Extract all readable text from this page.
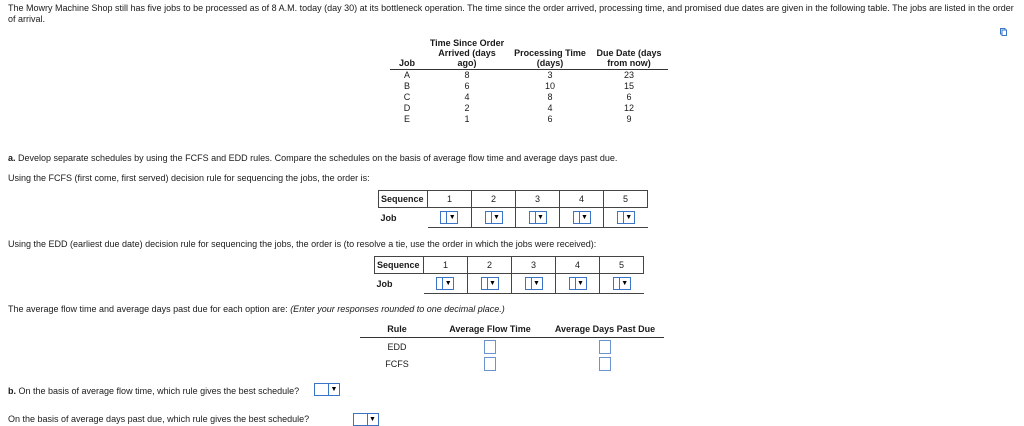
The Mowry Machine Shop still has five jobs to be processed as of 8 A.M. today (day 30) at its bottleneck operation. The time since the order arrived, processing time, and promised due dates are given in the following table. The jobs are listed in the order of arrival.

Job	Time Since Order Arrived (days ago)	Processing Time (days)	Due Date (days from now)
A	8	3	23
B	6	10	15
C	4	8	6
D	2	4	12
E	1	6	9

a. Develop separate schedules by using the FCFS and EDD rules. Compare the schedules on the basis of average flow time and average days past due.

Using the FCFS (first come, first served) decision rule for sequencing the jobs, the order is:

Sequence	1	2	3	4	5
Job	▼	▼	▼	▼	▼

Using the EDD (earliest due date) decision rule for sequencing the jobs, the order is (to resolve a tie, use the order in which the jobs were received):

Sequence	1	2	3	4	5
Job	▼	▼	▼	▼	▼

The average flow time and average days past due for each option are: (Enter your responses rounded to one decimal place.)

Rule	Average Flow Time	Average Days Past Due
EDD		
FCFS		

b. On the basis of average flow time, which rule gives the best schedule?	▼

On the basis of average days past due, which rule gives the best schedule?	▼
